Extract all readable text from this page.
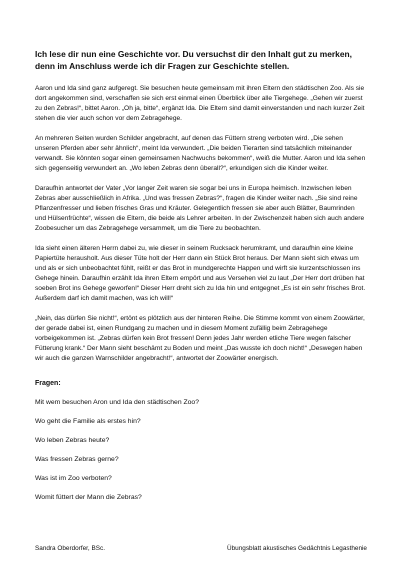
Ich lese dir nun eine Geschichte vor. Du versuchst dir den Inhalt gut zu merken, denn im Anschluss werde ich dir Fragen zur Geschichte stellen.

Aaron und Ida sind ganz aufgeregt. Sie besuchen heute gemeinsam mit ihren Eltern den städtischen Zoo. Als sie dort angekommen sind, verschaffen sie sich erst einmal einen Überblick über alle Tiergehege. „Gehen wir zuerst zu den Zebras!“, bittet Aaron. „Oh ja, bitte“, ergänzt Ida. Die Eltern sind damit einverstanden und nach kurzer Zeit stehen die vier auch schon vor dem Zebragehege.

An mehreren Seiten wurden Schilder angebracht, auf denen das Füttern streng verboten wird. „Die sehen unseren Pferden aber sehr ähnlich“, meint Ida verwundert. „Die beiden Tierarten sind tatsächlich miteinander verwandt. Sie könnten sogar einen gemeinsamen Nachwuchs bekommen“, weiß die Mutter. Aaron und Ida sehen sich gegenseitig verwundert an. „Wo leben Zebras denn überall?“, erkundigen sich die Kinder weiter.

Daraufhin antwortet der Vater „Vor langer Zeit waren sie sogar bei uns in Europa heimisch. Inzwischen leben Zebras aber ausschließlich in Afrika. „Und was fressen Zebras?“, fragen die Kinder weiter nach. „Sie sind reine Pflanzenfresser und lieben frisches Gras und Kräuter. Gelegentlich fressen sie aber auch Blätter, Baumrinden und Hülsenfrüchte“, wissen die Eltern, die beide als Lehrer arbeiten. In der Zwischenzeit haben sich auch andere Zoobesucher um das Zebragehege versammelt, um die Tiere zu beobachten.

Ida sieht einen älteren Herrn dabei zu, wie dieser in seinem Rucksack herumkramt, und daraufhin eine kleine Papiertüte herausholt. Aus dieser Tüte holt der Herr dann ein Stück Brot heraus. Der Mann sieht sich etwas um und als er sich unbeobachtet fühlt, reißt er das Brot in mundgerechte Happen und wirft sie kurzentschlossen ins Gehege hinein. Daraufhin erzählt Ida ihren Eltern empört und aus Versehen viel zu laut „Der Herr dort drüben hat soeben Brot ins Gehege geworfen!“ Dieser Herr dreht sich zu Ida hin und entgegnet „Es ist ein sehr frisches Brot. Außerdem darf ich damit machen, was ich will!“

„Nein, das dürfen Sie nicht!“, ertönt es plötzlich aus der hinteren Reihe. Die Stimme kommt von einem Zoowärter, der gerade dabei ist, einen Rundgang zu machen und in diesem Moment zufällig beim Zebragehege vorbeigekommen ist. „Zebras dürfen kein Brot fressen! Denn jedes Jahr werden etliche Tiere wegen falscher Fütterung krank.“ Der Mann sieht beschämt zu Boden und meint „Das wusste ich doch nicht!“ „Deswegen haben wir auch die ganzen Warnschilder angebracht!“, antwortet der Zoowärter energisch.

Fragen:
Mit wem besuchen Aron und Ida den städtischen Zoo?
Wo geht die Familie als erstes hin?
Wo leben Zebras heute?
Was fressen Zebras gerne?
Was ist im Zoo verboten?
Womit füttert der Mann die Zebras?
Sandra Oberdorfer, BSc.	Übungsblatt akustisches Gedächtnis Legasthenie
